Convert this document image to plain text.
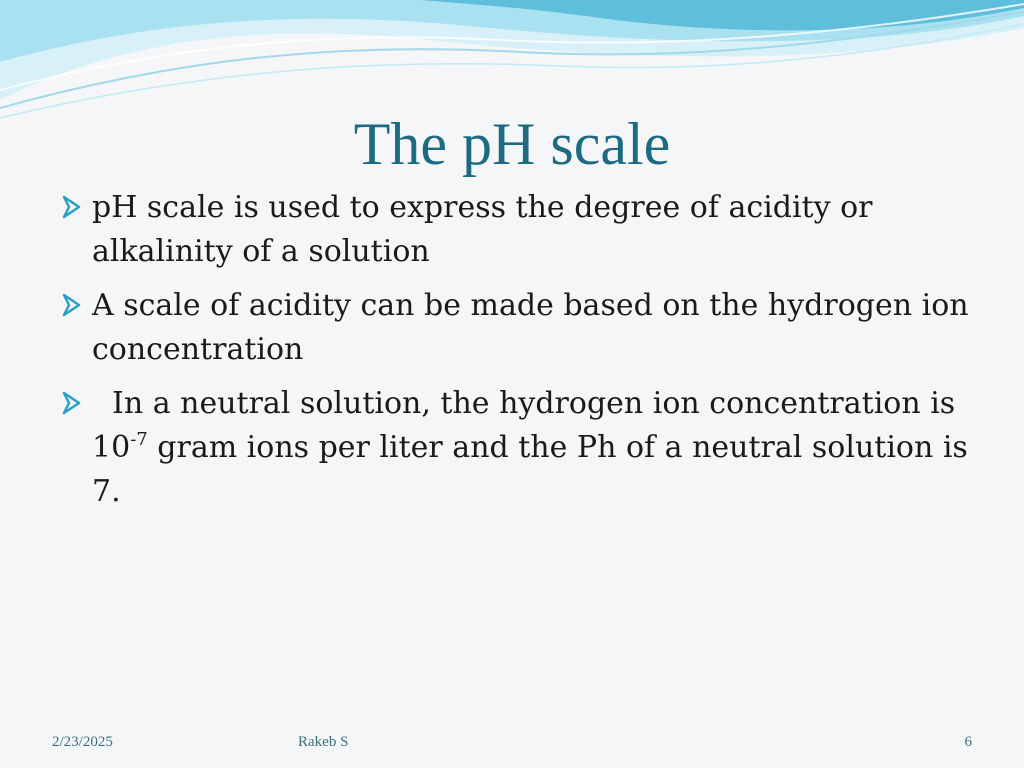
The pH scale
pH scale is used to express the degree of acidity or alkalinity of a solution
A scale of acidity can be made based on the hydrogen ion concentration
In a neutral solution, the hydrogen ion concentration is $10^{-7}$ gram ions per liter and the Ph of a neutral solution is 7.
2/23/2025	Rakeb S	6
